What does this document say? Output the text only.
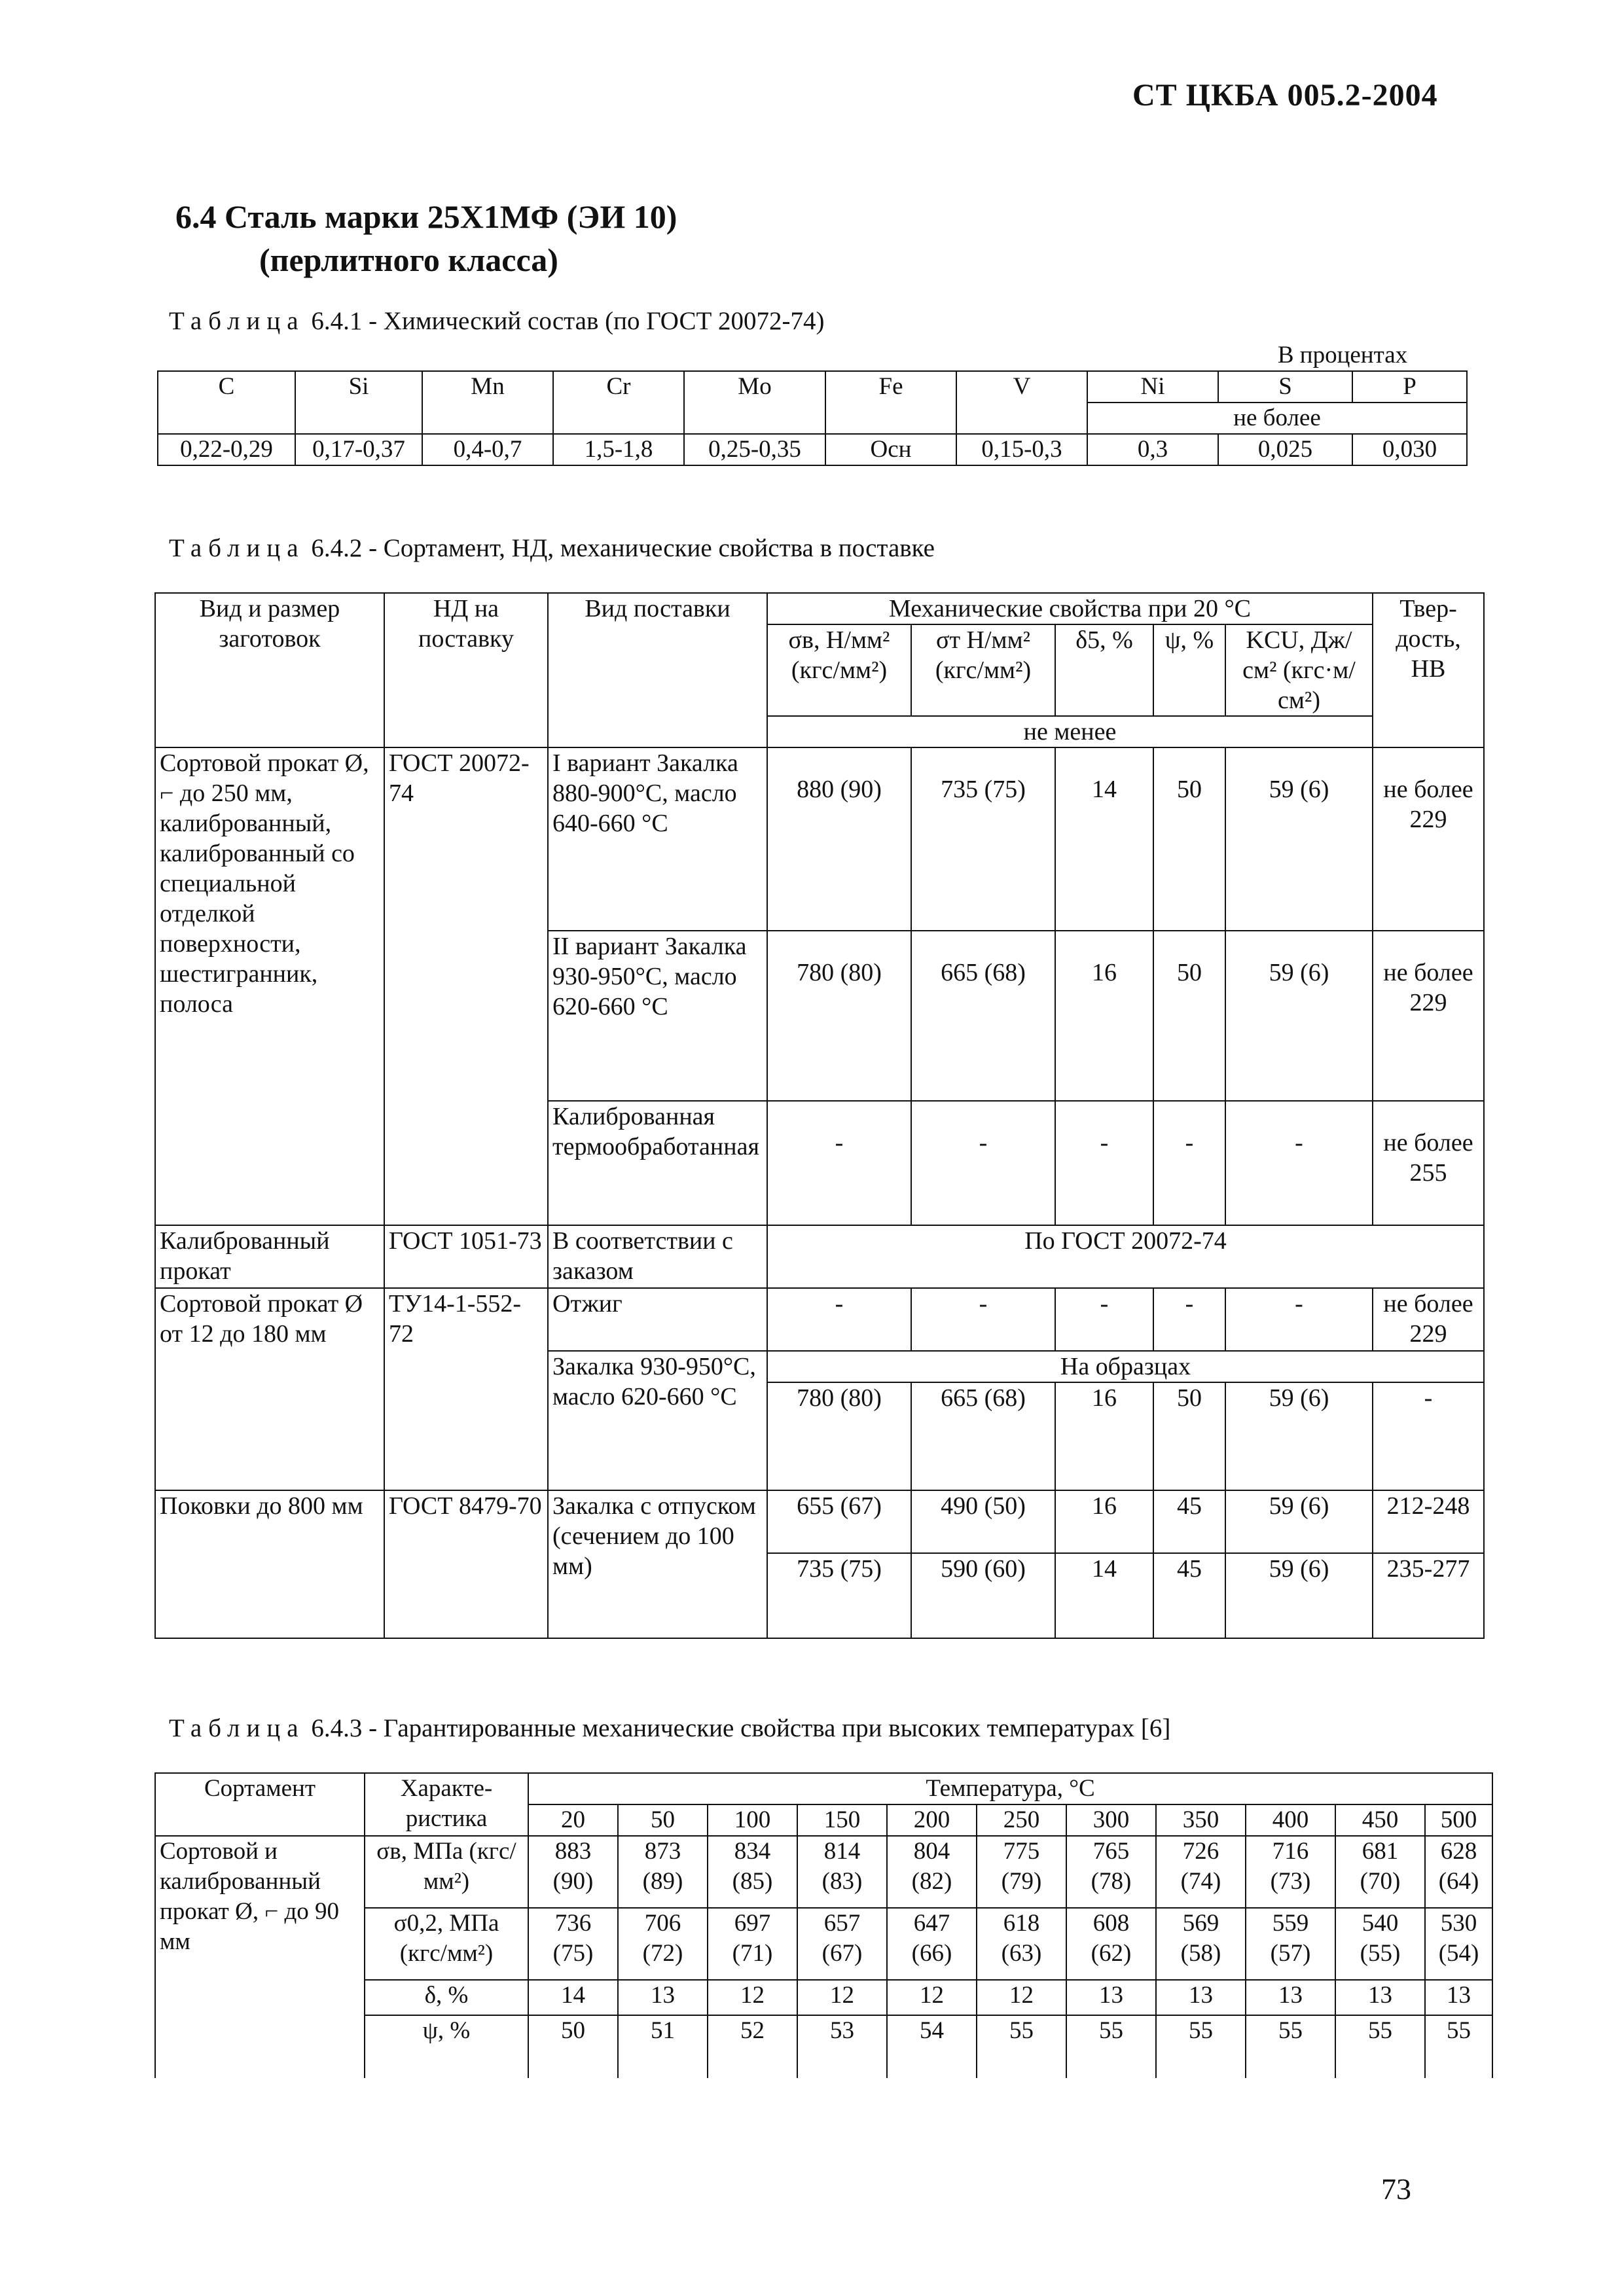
СТ ЦКБА 005.2-2004
6.4 Сталь марки 25Х1МФ (ЭИ 10)
(перлитного класса)
Таблица 6.4.1 - Химический состав (по ГОСТ 20072-74)
								В процентах	
C	Si	Mn	Cr	Mo	Fe	V	Ni	S	P
							не более		
0,22-0,29	0,17-0,37	0,4-0,7	1,5-1,8	0,25-0,35	Осн	0,15-0,3	0,3	0,025	0,030
Таблица 6.4.2 - Сортамент, НД, механические свойства в поставке
Вид и размер заготовок	НД на поставку	Вид поставки	Механические свойства при 20 °С					Твер-дость, НВ
			σв, Н/мм² (кгс/мм²)	σт Н/мм² (кгс/мм²)	δ5, %	ψ, %	KCU, Дж/см² (кгс·м/см²)	
			не менее					
Сортовой прокат Ø, ⌐ до 250 мм, калиброванный, калиброванный со специальной отделкой поверхности, шестигранник, полоса	ГОСТ 20072-74	I вариант Закалка 880-900°С, масло 640-660 °С	880 (90)	735 (75)	14	50	59 (6)	не более 229
		II вариант Закалка 930-950°С, масло 620-660 °С	780 (80)	665 (68)	16	50	59 (6)	не более 229
		Калиброванная термообработанная	-	-	-	-	-	не более 255
Калиброванный прокат	ГОСТ 1051-73	В соответствии с заказом	По ГОСТ 20072-74					
Сортовой прокат Ø от 12 до 180 мм	ТУ14-1-552-72	Отжиг	-	-	-	-	-	не более 229
		Закалка 930-950°С, масло 620-660 °С	На образцах					
			780 (80)	665 (68)	16	50	59 (6)	-
Поковки до 800 мм	ГОСТ 8479-70	Закалка с отпуском (сечением до 100 мм)	655 (67)	490 (50)	16	45	59 (6)	212-248
			735 (75)	590 (60)	14	45	59 (6)	235-277
Таблица 6.4.3 - Гарантированные механические свойства при высоких температурах [6]
Сортамент	Характе-ристика	Температура, °С										
		20	50	100	150	200	250	300	350	400	450	500
Сортовой и калиброванный прокат Ø, ⌐ до 90 мм	σв, МПа (кгс/мм²)	883 (90)	873 (89)	834 (85)	814 (83)	804 (82)	775 (79)	765 (78)	726 (74)	716 (73)	681 (70)	628 (64)
	σ0,2, МПа (кгс/мм²)	736 (75)	706 (72)	697 (71)	657 (67)	647 (66)	618 (63)	608 (62)	569 (58)	559 (57)	540 (55)	530 (54)
	δ, %	14	13	12	12	12	12	13	13	13	13	13
	ψ, %	50	51	52	53	54	55	55	55	55	55	55
73
